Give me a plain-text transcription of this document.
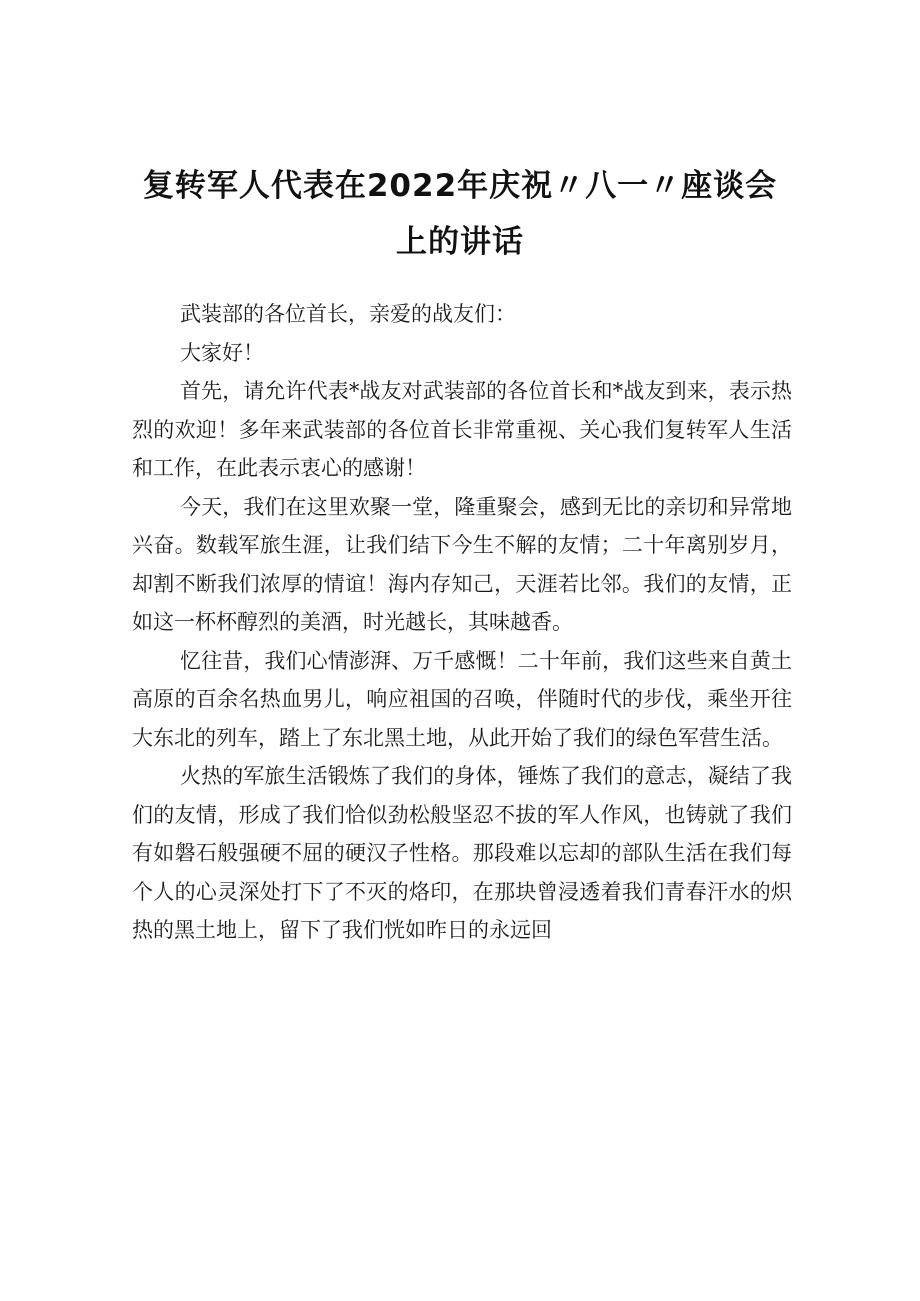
复转军人代表在2022年庆祝〃八一〃座谈会
上的讲话

武装部的各位首长，亲爱的战友们：

大家好！

首先，请允许代表*战友对武装部的各位首长和*战友到来，表示热烈的欢迎！多年来武装部的各位首长非常重视、关心我们复转军人生活和工作，在此表示衷心的感谢！

今天，我们在这里欢聚一堂，隆重聚会，感到无比的亲切和异常地兴奋。数载军旅生涯，让我们结下今生不解的友情；二十年离别岁月，却割不断我们浓厚的情谊！海内存知己，天涯若比邻。我们的友情，正如这一杯杯醇烈的美酒，时光越长，其味越香。

忆往昔，我们心情澎湃、万千感慨！二十年前，我们这些来自黄土高原的百余名热血男儿，响应祖国的召唤，伴随时代的步伐，乘坐开往大东北的列车，踏上了东北黑土地，从此开始了我们的绿色军营生活。

火热的军旅生活锻炼了我们的身体，锤炼了我们的意志，凝结了我们的友情，形成了我们恰似劲松般坚忍不拔的军人作风，也铸就了我们有如磐石般强硬不屈的硬汉子性格。那段难以忘却的部队生活在我们每个人的心灵深处打下了不灭的烙印，在那块曾浸透着我们青春汗水的炽热的黑土地上，留下了我们恍如昨日的永远回
